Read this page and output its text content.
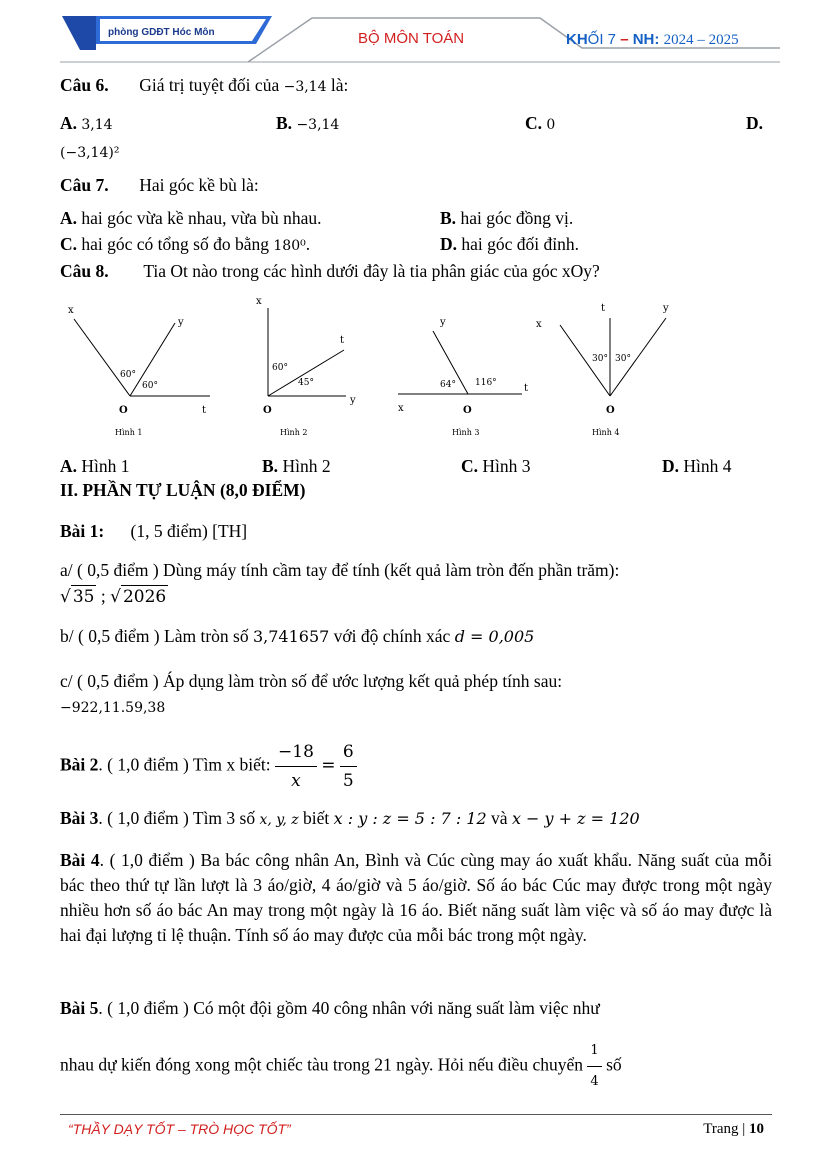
phòng GDĐT Hóc Môn	BỘ MÔN TOÁN	KHỐI 7 – NH: 2024 – 2025
Câu 6. Giá trị tuyệt đối của −3,14 là:
A. 3,14	B. −3,14	C. 0	D.
(−3,14)²
Câu 7. Hai góc kề bù là:
A. hai góc vừa kề nhau, vừa bù nhau.	B. hai góc đồng vị.
C. hai góc có tổng số đo bằng 180⁰.	D. hai góc đối đỉnh.
Câu 8. Tia Ot nào trong các hình dưới đây là tia phân giác của góc xOy?
x
y
O	t
60°
60°
Hình 1
x
t
y
O
60°
45°
Hình 2
y
t
x	O
64° 116°
Hình 3
x
t	y
O
30° 30°
Hình 4
A. Hình 1	B. Hình 2	C. Hình 3	D. Hình 4
II. PHẦN TỰ LUẬN (8,0 ĐIỂM)
Bài 1: (1, 5 điểm) [TH]
a/ ( 0,5 điểm ) Dùng máy tính cầm tay để tính (kết quả làm tròn đến phần trăm):
√ 35 ; √ 2026
b/ ( 0,5 điểm ) Làm tròn số 3,741657 với độ chính xác d = 0,005
c/ ( 0,5 điểm ) Áp dụng làm tròn số để ước lượng kết quả phép tính sau:
−922,11.59,38
Bài 2. ( 1,0 điểm ) Tìm x biết: $\frac{-18}{x} = \frac{6}{5}$
Bài 3. ( 1,0 điểm ) Tìm 3 số x, y, z biết x : y : z = 5 : 7 : 12 và x − y + z = 120
Bài 4. ( 1,0 điểm ) Ba bác công nhân An, Bình và Cúc cùng may áo xuất khẩu. Năng suất của mỗi bác theo thứ tự lần lượt là 3 áo/giờ, 4 áo/giờ và 5 áo/giờ. Số áo bác Cúc may được trong một ngày nhiều hơn số áo bác An may trong một ngày là 16 áo. Biết năng suất làm việc và số áo may được là hai đại lượng tỉ lệ thuận. Tính số áo may được của mỗi bác trong một ngày.
Bài 5. ( 1,0 điểm ) Có một đội gồm 40 công nhân với năng suất làm việc như
nhau dự kiến đóng xong một chiếc tàu trong 21 ngày. Hỏi nếu điều chuyển $\frac{1}{4}$ số
“THẦY DẠY TỐT – TRÒ HỌC TỐT”	Trang | 10
